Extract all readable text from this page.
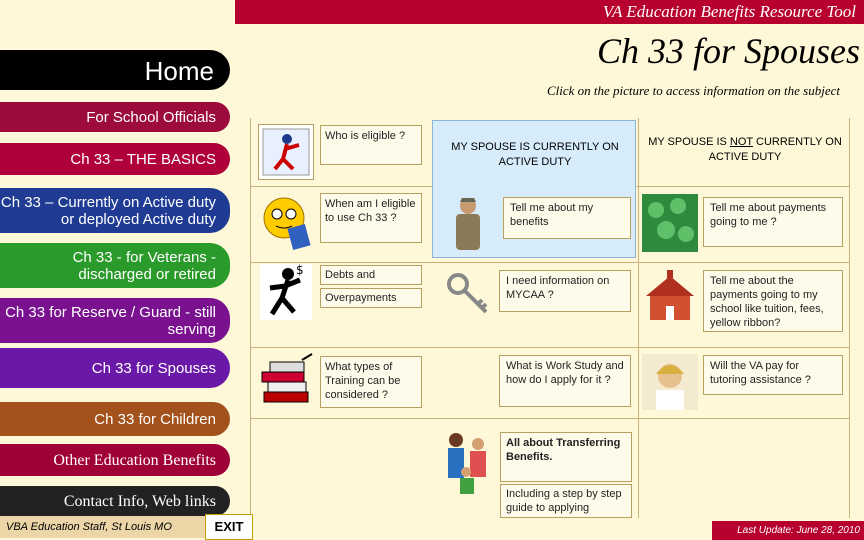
VA Education Benefits Resource Tool
Ch 33 for Spouses
Click on the picture to access information on the subject
Home
For School Officials
Ch 33 – THE BASICS
Ch 33 – Currently on Active duty or deployed Active duty
Ch 33 - for Veterans - discharged or retired
Ch 33 for Reserve / Guard - still serving
Ch 33 for Spouses
Ch 33 for Children
Other Education Benefits
Contact Info, Web links
MY SPOUSE IS CURRENTLY ON ACTIVE DUTY
MY SPOUSE IS NOT CURRENTLY ON ACTIVE DUTY
Who is eligible ?
When am I eligible to use Ch 33 ?
$	Debts and
Overpayments
What types of Training can be considered ?
Tell me about my benefits
I need information on MYCAA ?
What is Work Study and how do I apply for it ?
All about Transferring Benefits.
Including a step by step guide to applying
Tell me about payments going to me ?
Tell me about the payments going to my school like tuition, fees, yellow ribbon?
Will the VA pay for tutoring assistance ?
VBA Education Staff, St Louis MO	EXIT	Last Update: June 28, 2010
